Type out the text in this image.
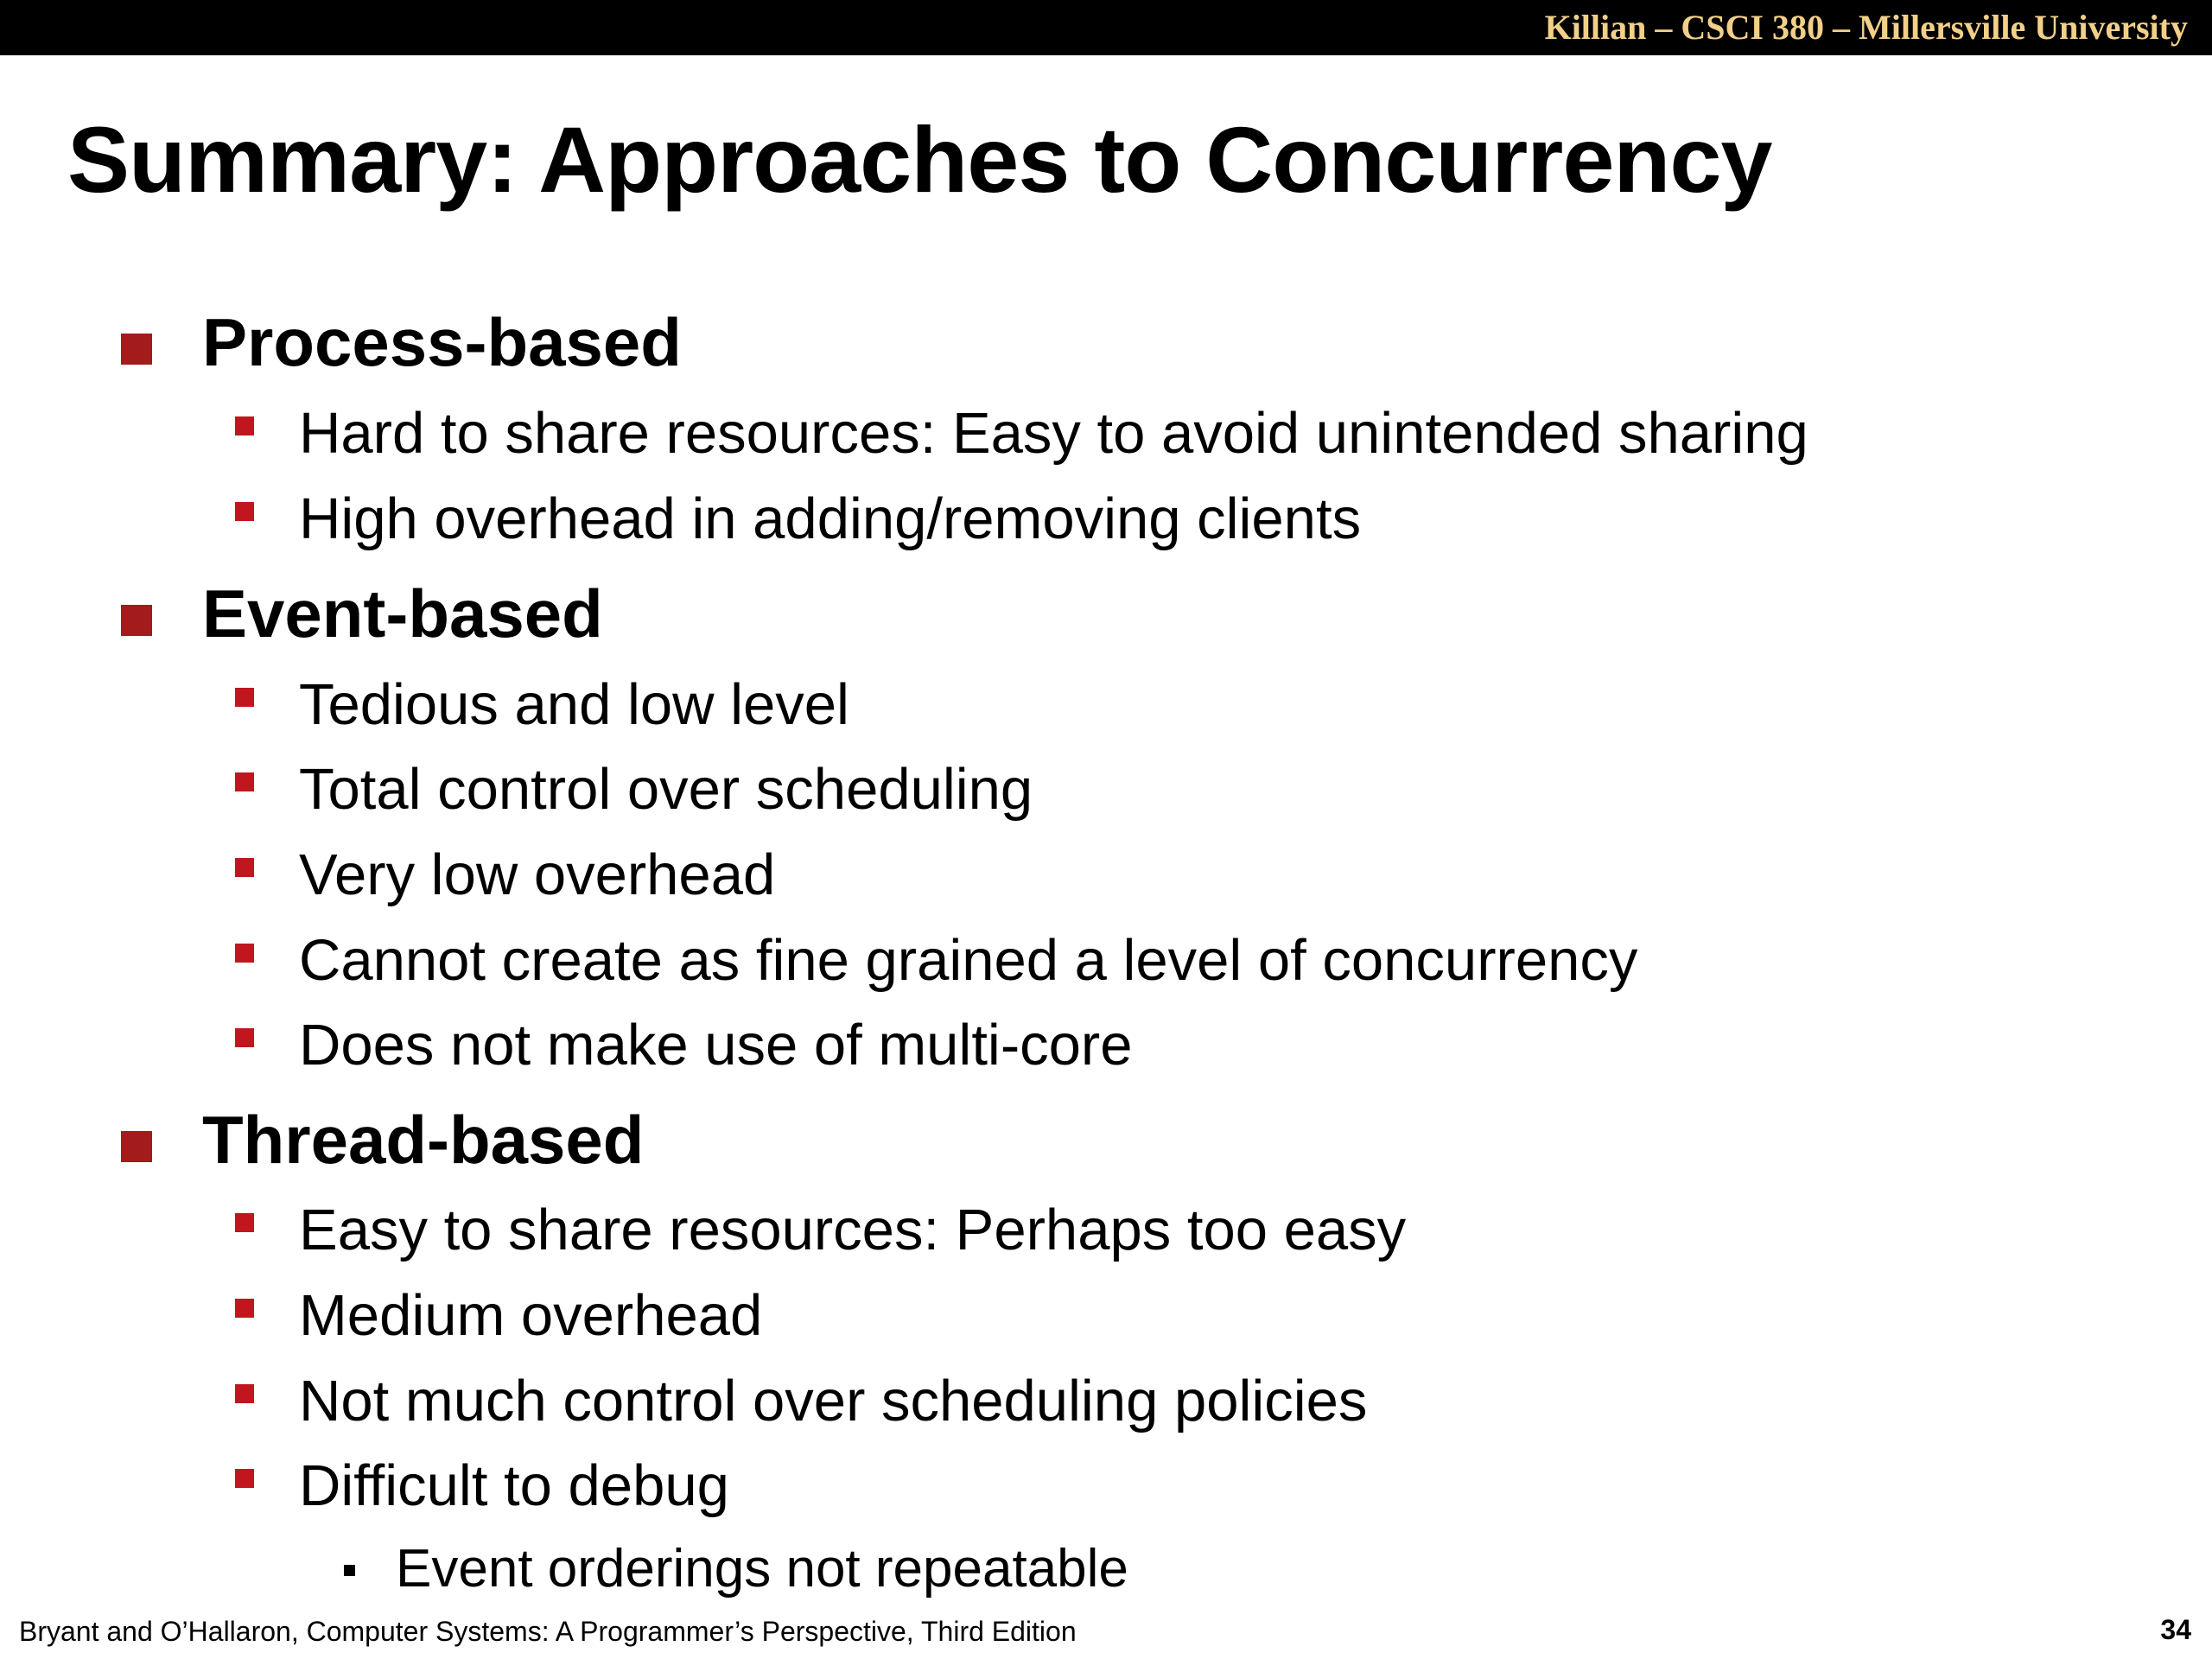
Killian – CSCI 380 – Millersville University
Summary: Approaches to Concurrency
Process-based
Hard to share resources: Easy to avoid unintended sharing
High overhead in adding/removing clients
Event-based
Tedious and low level
Total control over scheduling
Very low overhead
Cannot create as fine grained a level of concurrency
Does not make use of multi-core
Thread-based
Easy to share resources: Perhaps too easy
Medium overhead
Not much control over scheduling policies
Difficult to debug
Event orderings not repeatable
Bryant and O’Hallaron, Computer Systems: A Programmer’s Perspective, Third Edition	34
